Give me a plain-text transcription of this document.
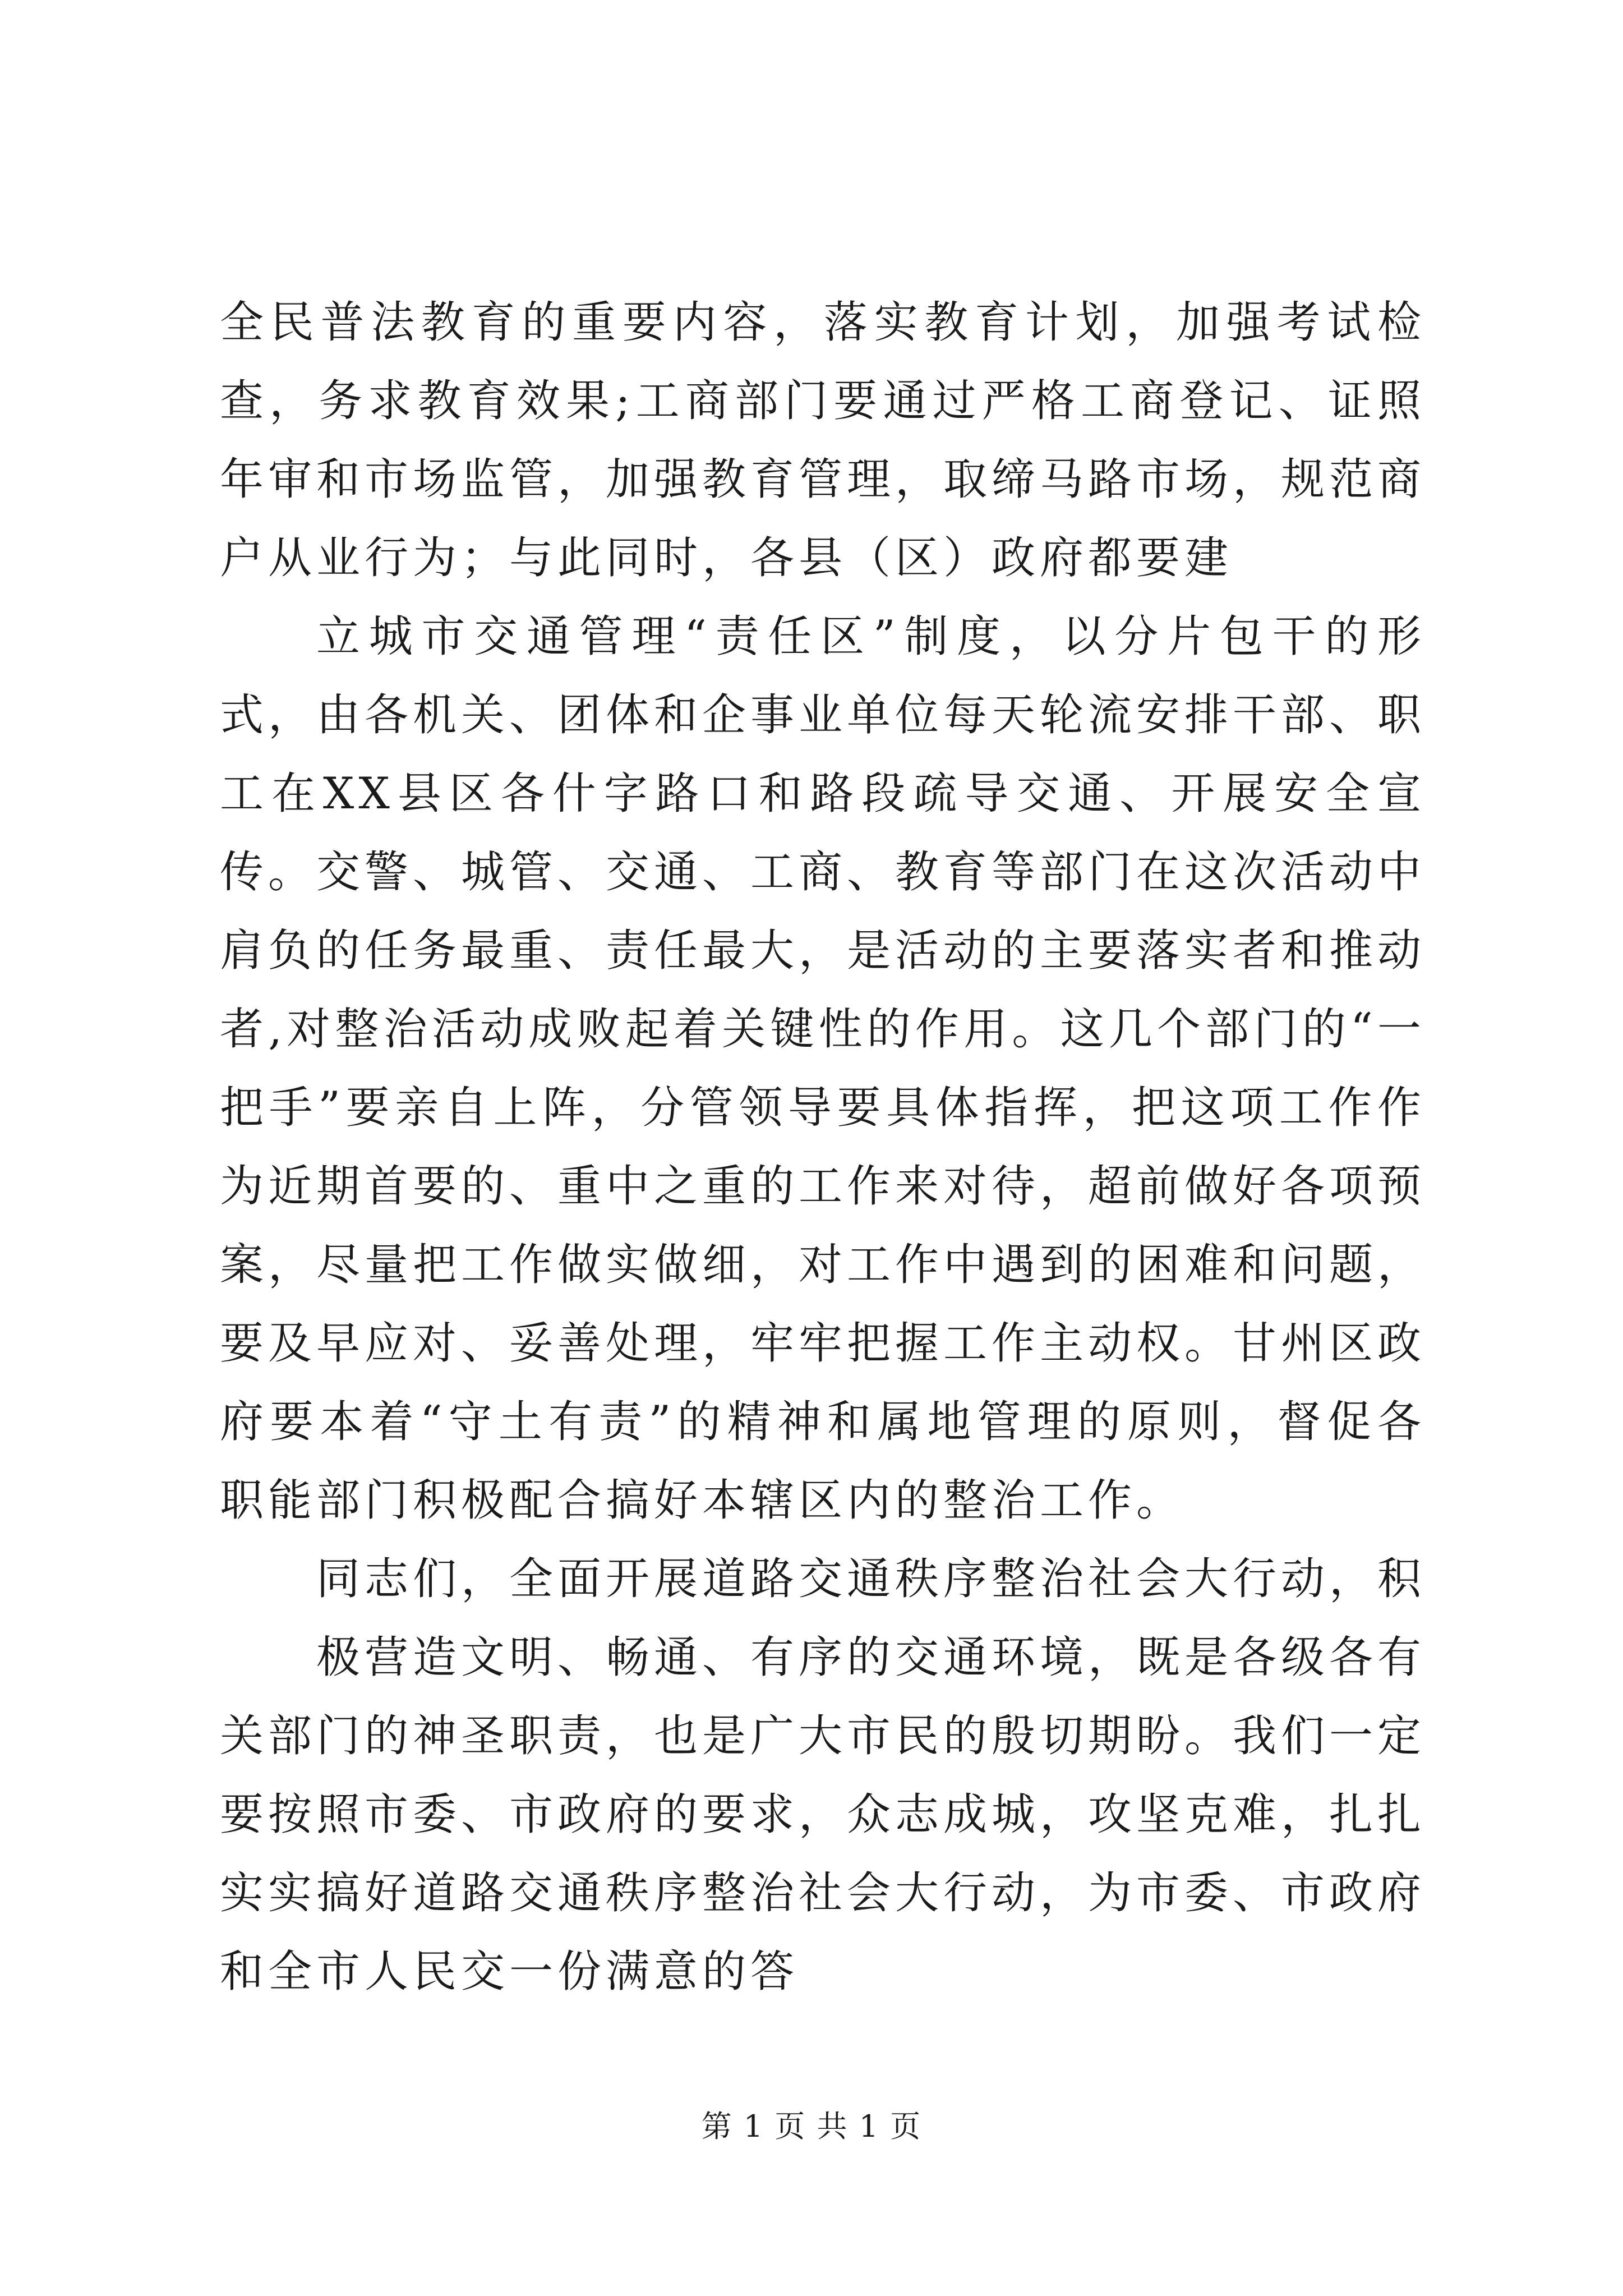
全民普法教育的重要内容，落实教育计划，加强考试检查，务求教育效果;工商部门要通过严格工商登记、证照年审和市场监管，加强教育管理，取缔马路市场，规范商户从业行为；与此同时，各县（区）政府都要建

立城市交通管理“责任区”制度，以分片包干的形式，由各机关、团体和企事业单位每天轮流安排干部、职工在XX县区各什字路口和路段疏导交通、开展安全宣传。交警、城管、交通、工商、教育等部门在这次活动中肩负的任务最重、责任最大，是活动的主要落实者和推动者,对整治活动成败起着关键性的作用。这几个部门的“一把手”要亲自上阵，分管领导要具体指挥，把这项工作作为近期首要的、重中之重的工作来对待，超前做好各项预案，尽量把工作做实做细，对工作中遇到的困难和问题，要及早应对、妥善处理，牢牢把握工作主动权。甘州区政府要本着“守土有责”的精神和属地管理的原则，督促各职能部门积极配合搞好本辖区内的整治工作。

同志们，全面开展道路交通秩序整治社会大行动，积

极营造文明、畅通、有序的交通环境，既是各级各有关部门的神圣职责，也是广大市民的殷切期盼。我们一定要按照市委、市政府的要求，众志成城，攻坚克难，扎扎实实搞好道路交通秩序整治社会大行动，为市委、市政府和全市人民交一份满意的答

第 1 页 共 1 页
